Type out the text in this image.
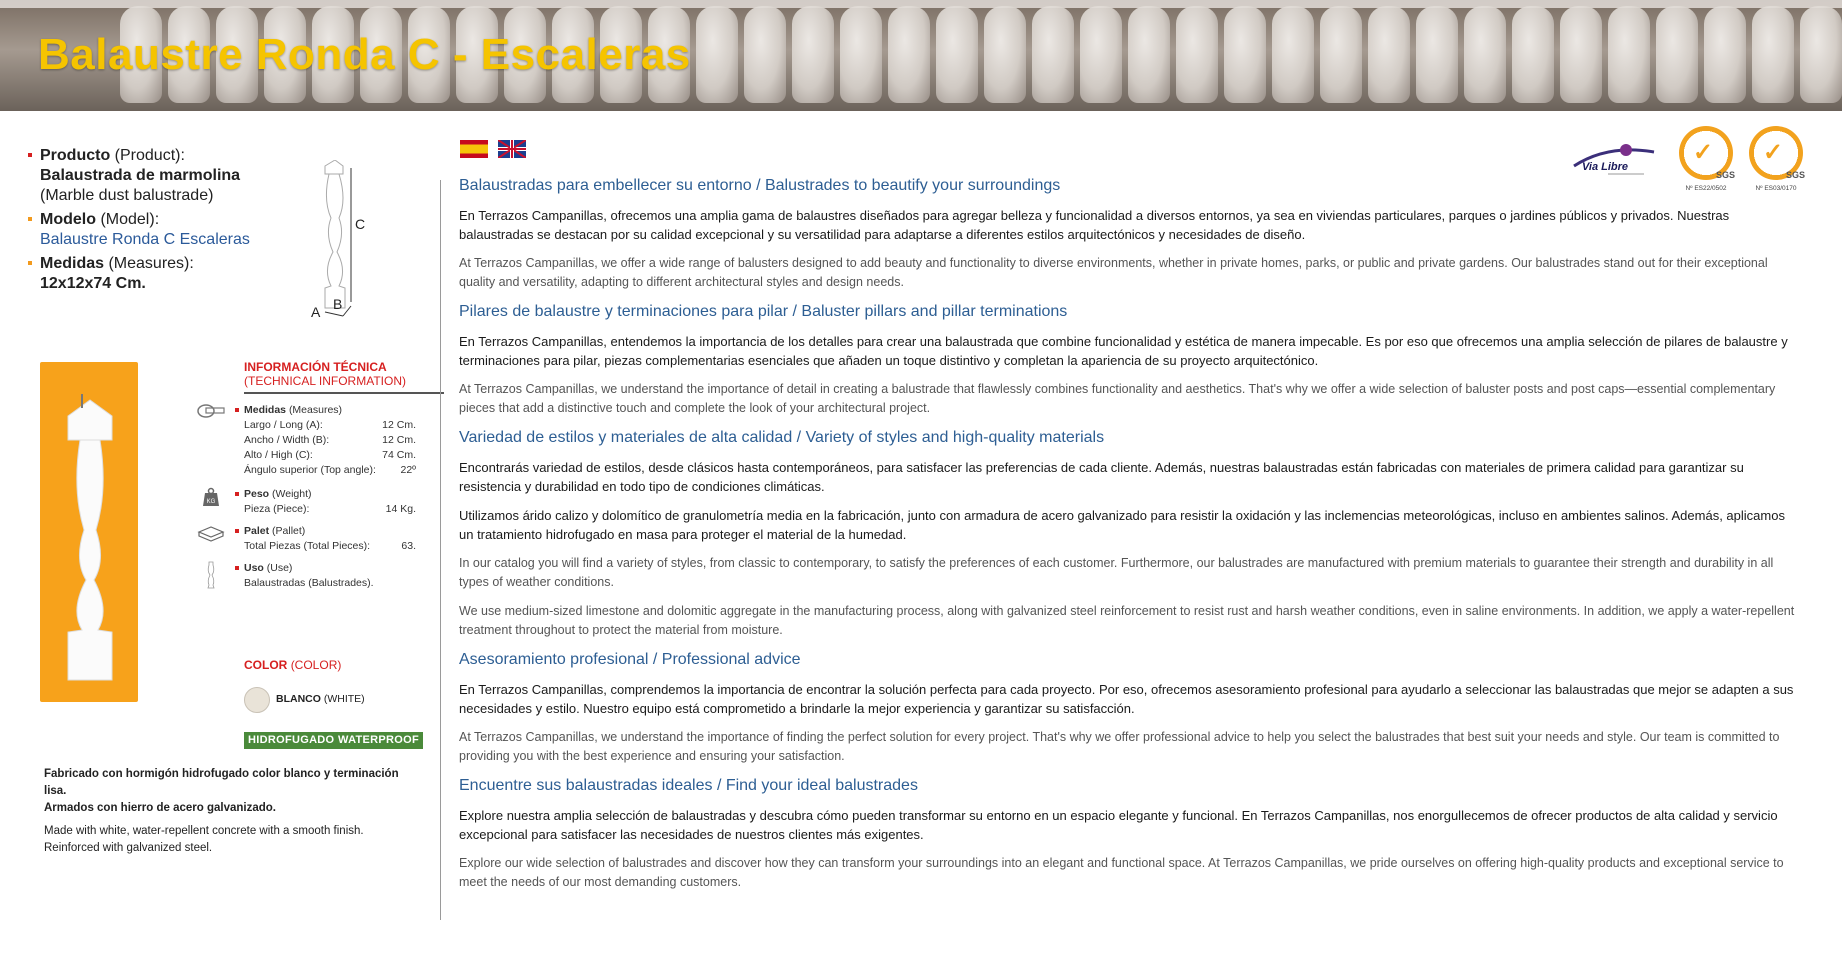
Balaustre Ronda C - Escaleras
Producto (Product):
Balaustrada de marmolina
(Marble dust balustrade)
Modelo (Model):
Balaustre Ronda C Escaleras
Medidas (Measures):
12x12x74 Cm.
C
A B
INFORMACIÓN TÉCNICA
(TECHNICAL INFORMATION)
Medidas (Measures)
Largo / Long (A):	12 Cm.
Ancho / Width (B):	12 Cm.
Alto / High (C):	74 Cm.
Ángulo superior (Top angle): 22º
KG
Peso (Weight)
Pieza (Piece):	14 Kg.
Palet (Pallet)
Total Piezas (Total Pieces):	63.
Uso (Use)
Balaustradas (Balustrades).
COLOR (COLOR)
BLANCO (WHITE)
HIDROFUGADO WATERPROOF
Fabricado con hormigón hidrofugado color blanco y terminación lisa.
Armados con hierro de acero galvanizado.
Made with white, water-repellent concrete with a smooth finish.
Reinforced with galvanized steel.
Via Libre
✓
SGS
Nº ES22/0502
✓
SGS
Nº ES03/0170
Balaustradas para embellecer su entorno / Balustrades to beautify your surroundings

En Terrazos Campanillas, ofrecemos una amplia gama de balaustres diseñados para agregar belleza y funcionalidad a diversos entornos, ya sea en viviendas particulares, parques o jardines públicos y privados. Nuestras balaustradas se destacan por su calidad excepcional y su versatilidad para adaptarse a diferentes estilos arquitectónicos y necesidades de diseño.

At Terrazos Campanillas, we offer a wide range of balusters designed to add beauty and functionality to diverse environments, whether in private homes, parks, or public and private gardens. Our balustrades stand out for their exceptional quality and versatility, adapting to different architectural styles and design needs.

Pilares de balaustre y terminaciones para pilar / Baluster pillars and pillar terminations

En Terrazos Campanillas, entendemos la importancia de los detalles para crear una balaustrada que combine funcionalidad y estética de manera impecable. Es por eso que ofrecemos una amplia selección de pilares de balaustre y terminaciones para pilar, piezas complementarias esenciales que añaden un toque distintivo y completan la apariencia de su proyecto arquitectónico.

At Terrazos Campanillas, we understand the importance of detail in creating a balustrade that flawlessly combines functionality and aesthetics. That's why we offer a wide selection of baluster posts and post caps—essential complementary pieces that add a distinctive touch and complete the look of your architectural project.

Variedad de estilos y materiales de alta calidad / Variety of styles and high-quality materials

Encontrarás variedad de estilos, desde clásicos hasta contemporáneos, para satisfacer las preferencias de cada cliente. Además, nuestras balaustradas están fabricadas con materiales de primera calidad para garantizar su resistencia y durabilidad en todo tipo de condiciones climáticas.

Utilizamos árido calizo y dolomítico de granulometría media en la fabricación, junto con armadura de acero galvanizado para resistir la oxidación y las inclemencias meteorológicas, incluso en ambientes salinos. Además, aplicamos un tratamiento hidrofugado en masa para proteger el material de la humedad.

In our catalog you will find a variety of styles, from classic to contemporary, to satisfy the preferences of each customer. Furthermore, our balustrades are manufactured with premium materials to guarantee their strength and durability in all types of weather conditions.

We use medium-sized limestone and dolomitic aggregate in the manufacturing process, along with galvanized steel reinforcement to resist rust and harsh weather conditions, even in saline environments. In addition, we apply a water-repellent treatment throughout to protect the material from moisture.

Asesoramiento profesional / Professional advice

En Terrazos Campanillas, comprendemos la importancia de encontrar la solución perfecta para cada proyecto. Por eso, ofrecemos asesoramiento profesional para ayudarlo a seleccionar las balaustradas que mejor se adapten a sus necesidades y estilo. Nuestro equipo está comprometido a brindarle la mejor experiencia y garantizar su satisfacción.

At Terrazos Campanillas, we understand the importance of finding the perfect solution for every project. That's why we offer professional advice to help you select the balustrades that best suit your needs and style. Our team is committed to providing you with the best experience and ensuring your satisfaction.

Encuentre sus balaustradas ideales / Find your ideal balustrades

Explore nuestra amplia selección de balaustradas y descubra cómo pueden transformar su entorno en un espacio elegante y funcional. En Terrazos Campanillas, nos enorgullecemos de ofrecer productos de alta calidad y servicio excepcional para satisfacer las necesidades de nuestros clientes más exigentes.

Explore our wide selection of balustrades and discover how they can transform your surroundings into an elegant and functional space. At Terrazos Campanillas, we pride ourselves on offering high-quality products and exceptional service to meet the needs of our most demanding customers.
